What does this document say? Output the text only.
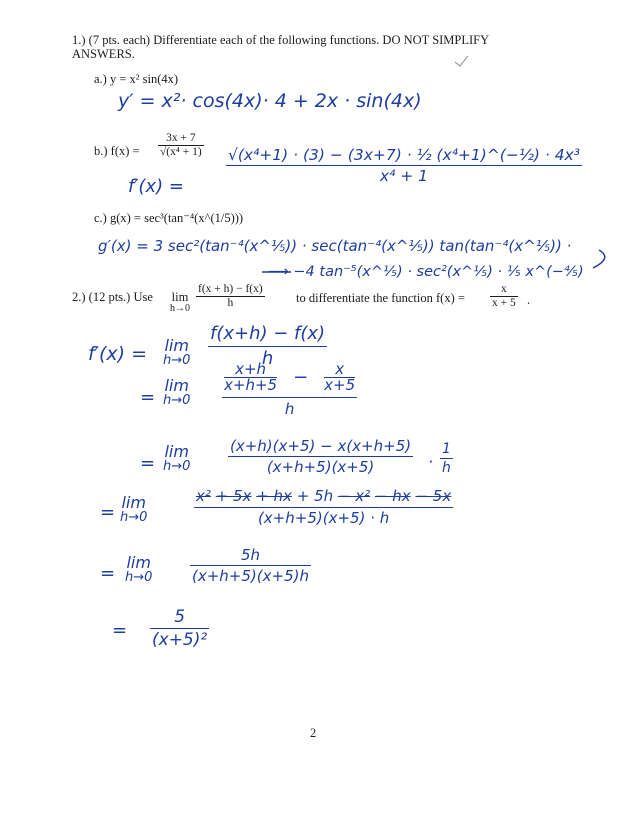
1.) (7 pts. each) Differentiate each of the following functions. DO NOT SIMPLIFY
ANSWERS.
a.) y = x² sin(4x)
y′ = x²· cos(4x)· 4 + 2x · sin(4x)
b.) f(x) =
3x + 7
√(x⁴ + 1)
f′(x) =
√(x⁴+1) · (3) − (3x+7) · ½ (x⁴+1)^(−½) · 4x³
x⁴ + 1
c.) g(x) = sec³(tan⁻⁴(x^(1/5)))
g′(x) = 3 sec²(tan⁻⁴(x^⅕)) · sec(tan⁻⁴(x^⅕)) tan(tan⁻⁴(x^⅕)) ·
⟶ −4 tan⁻⁵(x^⅕) · sec²(x^⅕) · ⅕ x^(−⅘)
2.) (12 pts.) Use lim
h→0
f(x + h) − f(x)
h	to differentiate the function f(x) =
x
x + 5 .
f′(x) = lim
h→0
f(x+h) − f(x)
h
=
lim
h→0
$\frac{x+h}{x+h+5} - \frac{x}{x+5}$
h
=
lim
h→0
(x+h)(x+5) − x(x+h+5)
(x+h+5)(x+5)	·
1
h
= lim
h→0
x² + 5x + hx + 5h − x² − hx − 5x
(x+h+5)(x+5) · h
=
lim
h→0
5h
(x+h+5)(x+5)h
=
5
(x+5)²
2
